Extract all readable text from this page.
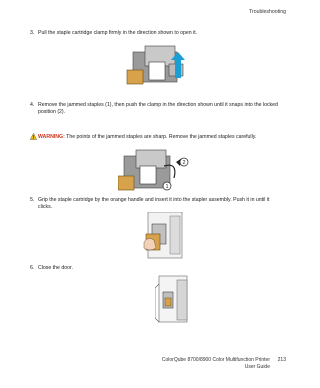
Troubleshooting
3. Pull the staple cartridge clamp firmly in the direction shown to open it.
4. Remove the jammed staples (1), then push the clamp in the direction shown until it snaps into the locked position (2).
WARNING: The points of the jammed staples are sharp. Remove the jammed staples carefully.
2
1
5. Grip the staple cartridge by the orange handle and insert it into the stapler assembly. Push it in until it clicks.
6. Close the door.
ColorQube 8700/8900 Color Multifunction Printer
User Guide
213
